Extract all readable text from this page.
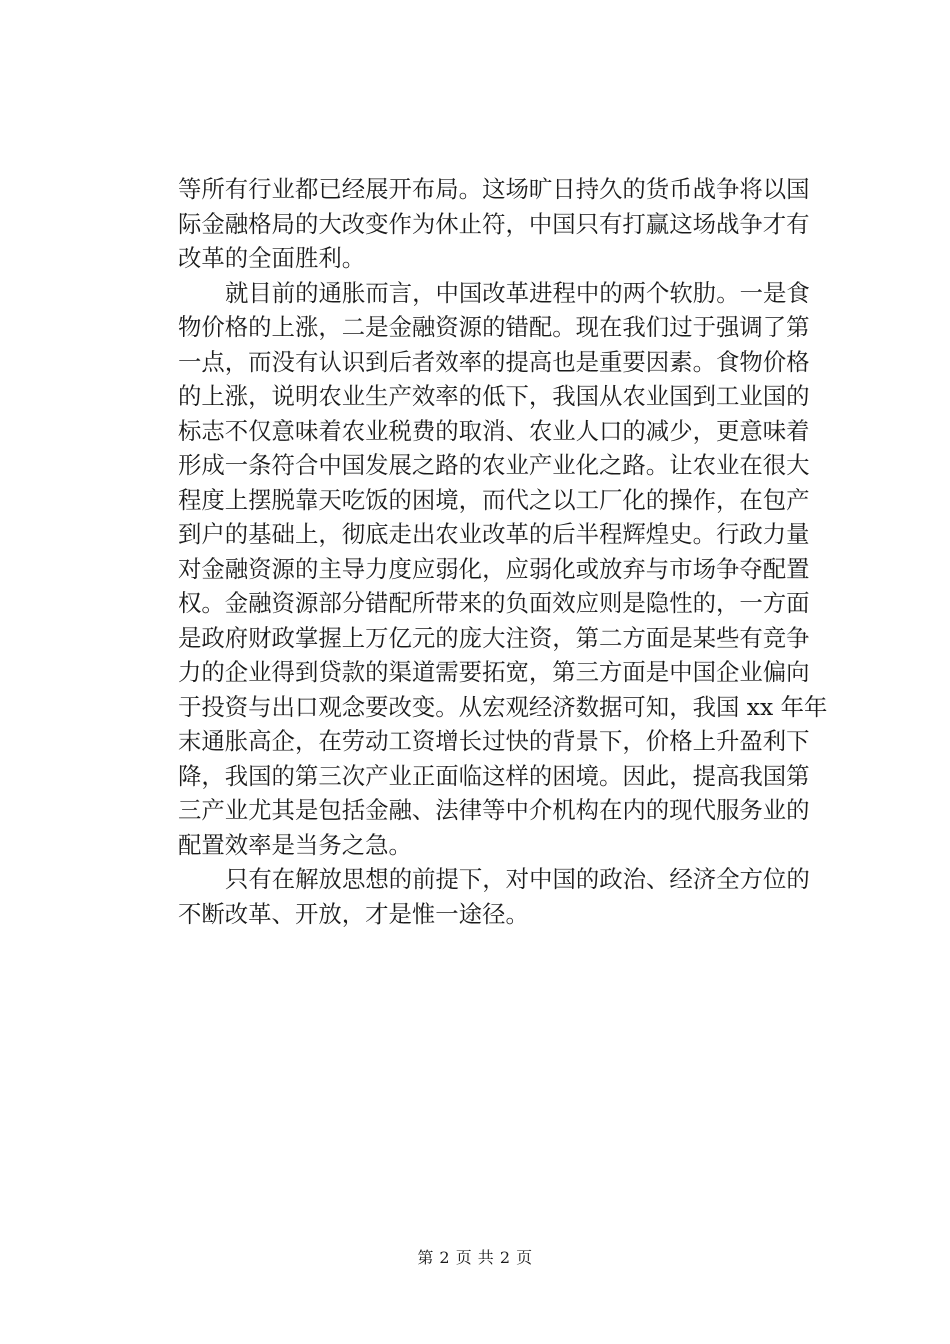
等所有行业都已经展开布局。这场旷日持久的货币战争将以国
际金融格局的大改变作为休止符，中国只有打赢这场战争才有
改革的全面胜利。
就目前的通胀而言，中国改革进程中的两个软肋。一是食
物价格的上涨，二是金融资源的错配。现在我们过于强调了第
一点，而没有认识到后者效率的提高也是重要因素。食物价格
的上涨，说明农业生产效率的低下，我国从农业国到工业国的
标志不仅意味着农业税费的取消、农业人口的减少，更意味着
形成一条符合中国发展之路的农业产业化之路。让农业在很大
程度上摆脱靠天吃饭的困境，而代之以工厂化的操作，在包产
到户的基础上，彻底走出农业改革的后半程辉煌史。行政力量
对金融资源的主导力度应弱化，应弱化或放弃与市场争夺配置
权。金融资源部分错配所带来的负面效应则是隐性的，一方面
是政府财政掌握上万亿元的庞大注资，第二方面是某些有竞争
力的企业得到贷款的渠道需要拓宽，第三方面是中国企业偏向
于投资与出口观念要改变。从宏观经济数据可知，我国 xx 年年
末通胀高企，在劳动工资增长过快的背景下，价格上升盈利下
降，我国的第三次产业正面临这样的困境。因此，提高我国第
三产业尤其是包括金融、法律等中介机构在内的现代服务业的
配置效率是当务之急。
只有在解放思想的前提下，对中国的政治、经济全方位的
不断改革、开放，才是惟一途径。
第 2 页 共 2 页
